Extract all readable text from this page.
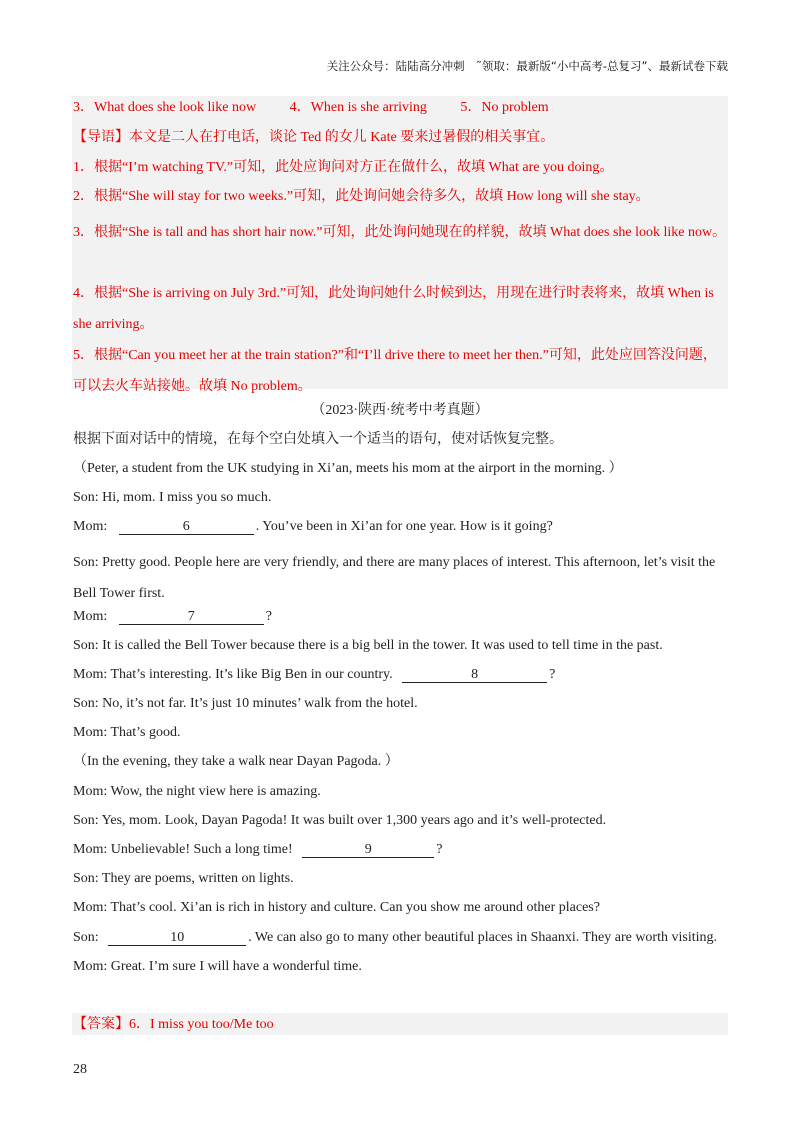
关注公众号：陆陆高分冲刺　˜领取：最新版“小中高考-总复习”、最新试卷下载
3．What does she look like now 4．When is she arriving 5．No problem
【导语】本文是二人在打电话，谈论 Ted 的女儿 Kate 要来过暑假的相关事宜。
1．根据“I’m watching TV.”可知，此处应询问对方正在做什么，故填 What are you doing。
2．根据“She will stay for two weeks.”可知，此处询问她会待多久，故填 How long will she stay。
3．根据“She is tall and has short hair now.”可知，此处询问她现在的样貌，故填 What does she look like now。
4．根据“She is arriving on July 3rd.”可知，此处询问她什么时候到达，用现在进行时表将来，故填 When is she arriving。
5．根据“Can you meet her at the train station?”和“I’ll drive there to meet her then.”可知，此处应回答没问题，可以去火车站接她。故填 No problem。
（2023·陕西·统考中考真题）
根据下面对话中的情境，在每个空白处填入一个适当的语句，使对话恢复完整。
（Peter, a student from the UK studying in Xi’an, meets his mom at the airport in the morning. ）
Son: Hi, mom. I miss you so much.
Mom:	6	. You’ve been in Xi’an for one year. How is it going?
Son: Pretty good. People here are very friendly, and there are many places of interest. This afternoon, let’s visit the Bell Tower first.
Mom:	7	?
Son: It is called the Bell Tower because there is a big bell in the tower. It was used to tell time in the past.
Mom: That’s interesting. It’s like Big Ben in our country.	8	?
Son: No, it’s not far. It’s just 10 minutes’ walk from the hotel.
Mom: That’s good.
（In the evening, they take a walk near Dayan Pagoda. ）
Mom: Wow, the night view here is amazing.
Son: Yes, mom. Look, Dayan Pagoda! It was built over 1,300 years ago and it’s well-protected.
Mom: Unbelievable! Such a long time!	9	?
Son: They are poems, written on lights.
Mom: That’s cool. Xi’an is rich in history and culture. Can you show me around other places?
Son:	10	. We can also go to many other beautiful places in Shaanxi. They are worth visiting.
Mom: Great. I’m sure I will have a wonderful time.
【答案】6．I miss you too/Me too
28
